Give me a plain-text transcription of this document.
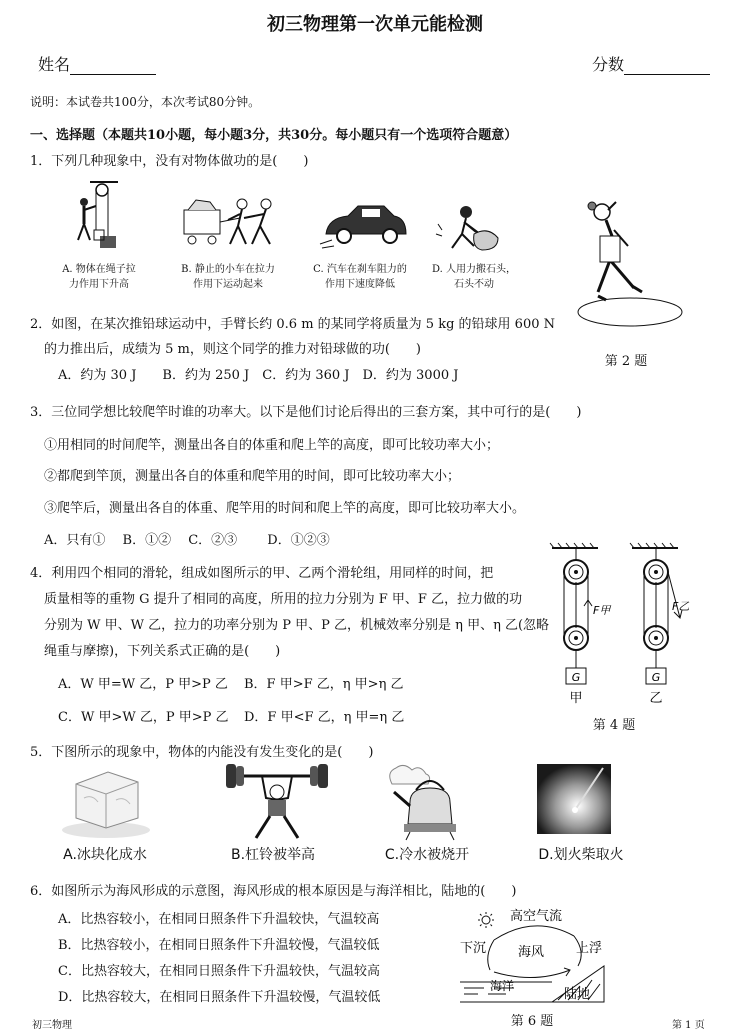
初三物理第一次单元能检测
姓名	分数
说明：本试卷共100分，本次考试80分钟。
一、选择题（本题共10小题，每小题3分，共30分。每小题只有一个选项符合题意）
1．下列几种现象中，没有对物体做功的是(　　)
A. 物体在绳子拉
力作用下升高
B. 静止的小车在拉力
作用下运动起来
C. 汽车在刹车阻力的
作用下速度降低
D. 人用力搬石头，
石头不动
第 2 题
2．如图，在某次推铅球运动中，手臂长约 0.6 m 的某同学将质量为 5 kg 的铅球用 600 N
的力推出后，成绩为 5 m，则这个同学的推力对铅球做的功(　　)
A．约为 30 J　　B．约为 250 J　C．约为 360 J　D．约为 3000 J
3．三位同学想比较爬竿时谁的功率大。以下是他们讨论后得出的三套方案，其中可行的是(　　)
①用相同的时间爬竿，测量出各自的体重和爬上竿的高度，即可比较功率大小；
②都爬到竿顶，测量出各自的体重和爬竿用的时间，即可比较功率大小；
③爬竿后，测量出各自的体重、爬竿用的时间和爬上竿的高度，即可比较功率大小。
A．只有①　 B．①②　 C．②③　　 D．①②③
4．利用四个相同的滑轮，组成如图所示的甲、乙两个滑轮组，用同样的时间，把
质量相等的重物 G 提升了相同的高度，所用的拉力分别为 F 甲、F 乙，拉力做的功
分别为 W 甲、W 乙，拉力的功率分别为 P 甲、P 乙，机械效率分别是 η 甲、η 乙(忽略
绳重与摩擦)，下列关系式正确的是(　　)
A．W 甲=W 乙，P 甲>P 乙 B．F 甲>F 乙，η 甲>η 乙
C．W 甲>W 乙，P 甲>P 乙 D．F 甲<F 乙，η 甲=η 乙
F甲	F乙
G	G
甲	乙
第 4 题
5．下图所示的现象中，物体的内能没有发生变化的是(　　)
A.冰块化成水	B.杠铃被举高	C.冷水被烧开	D.划火柴取火
6．如图所示为海风形成的示意图，海风形成的根本原因是与海洋相比，陆地的(　　)
A．比热容较小，在相同日照条件下升温较快，气温较高
B．比热容较小，在相同日照条件下升温较慢，气温较低
C．比热容较大，在相同日照条件下升温较快，气温较高
D．比热容较大，在相同日照条件下升温较慢，气温较低
高空气流
下沉 海风 上浮
海洋
陆地
第 6 题
初三物理	第 1 页
